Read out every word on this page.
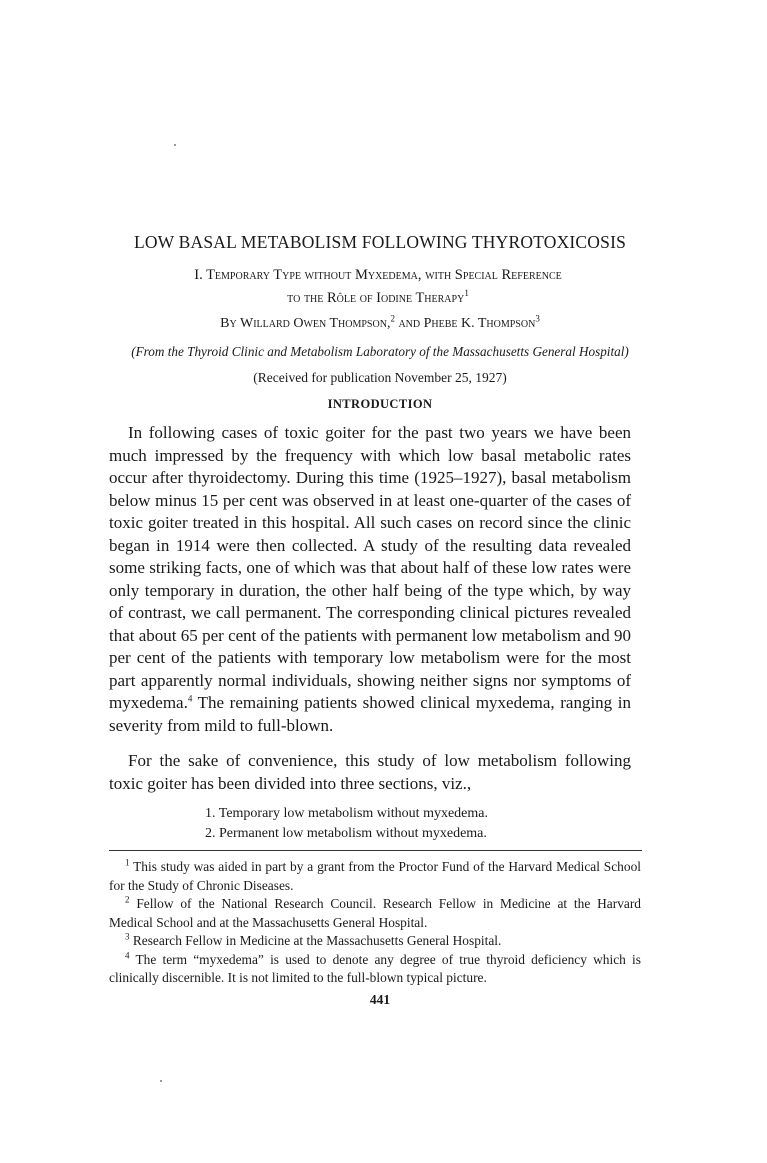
LOW BASAL METABOLISM FOLLOWING THYROTOXICOSIS
I. Temporary Type without Myxedema, with Special Reference
to the Rôle of Iodine Therapy$^1$

By Willard Owen Thompson,$^2$ and Phebe K. Thompson$^3$

(From the Thyroid Clinic and Metabolism Laboratory of the Massachusetts General Hospital)

(Received for publication November 25, 1927)

INTRODUCTION

In following cases of toxic goiter for the past two years we have been much impressed by the frequency with which low basal metabolic rates occur after thyroidectomy. During this time (1925–1927), basal metabolism below minus 15 per cent was observed in at least one-quarter of the cases of toxic goiter treated in this hospital. All such cases on record since the clinic began in 1914 were then collected. A study of the resulting data revealed some striking facts, one of which was that about half of these low rates were only temporary in duration, the other half being of the type which, by way of contrast, we call permanent. The corresponding clinical pictures revealed that about 65 per cent of the patients with permanent low metabolism and 90 per cent of the patients with temporary low metabolism were for the most part apparently normal individuals, showing neither signs nor symptoms of myxedema.$^4$ The remaining patients showed clinical myxedema, ranging in severity from mild to full-blown.

For the sake of convenience, this study of low metabolism following toxic goiter has been divided into three sections, viz.,

1. Temporary low metabolism without myxedema.
2. Permanent low metabolism without myxedema.

$^1$ This study was aided in part by a grant from the Proctor Fund of the Harvard Medical School for the Study of Chronic Diseases.

$^2$ Fellow of the National Research Council. Research Fellow in Medicine at the Harvard Medical School and at the Massachusetts General Hospital.

$^3$ Research Fellow in Medicine at the Massachusetts General Hospital.

$^4$ The term “myxedema” is used to denote any degree of true thyroid deficiency which is clinically discernible. It is not limited to the full-blown typical picture.

441
